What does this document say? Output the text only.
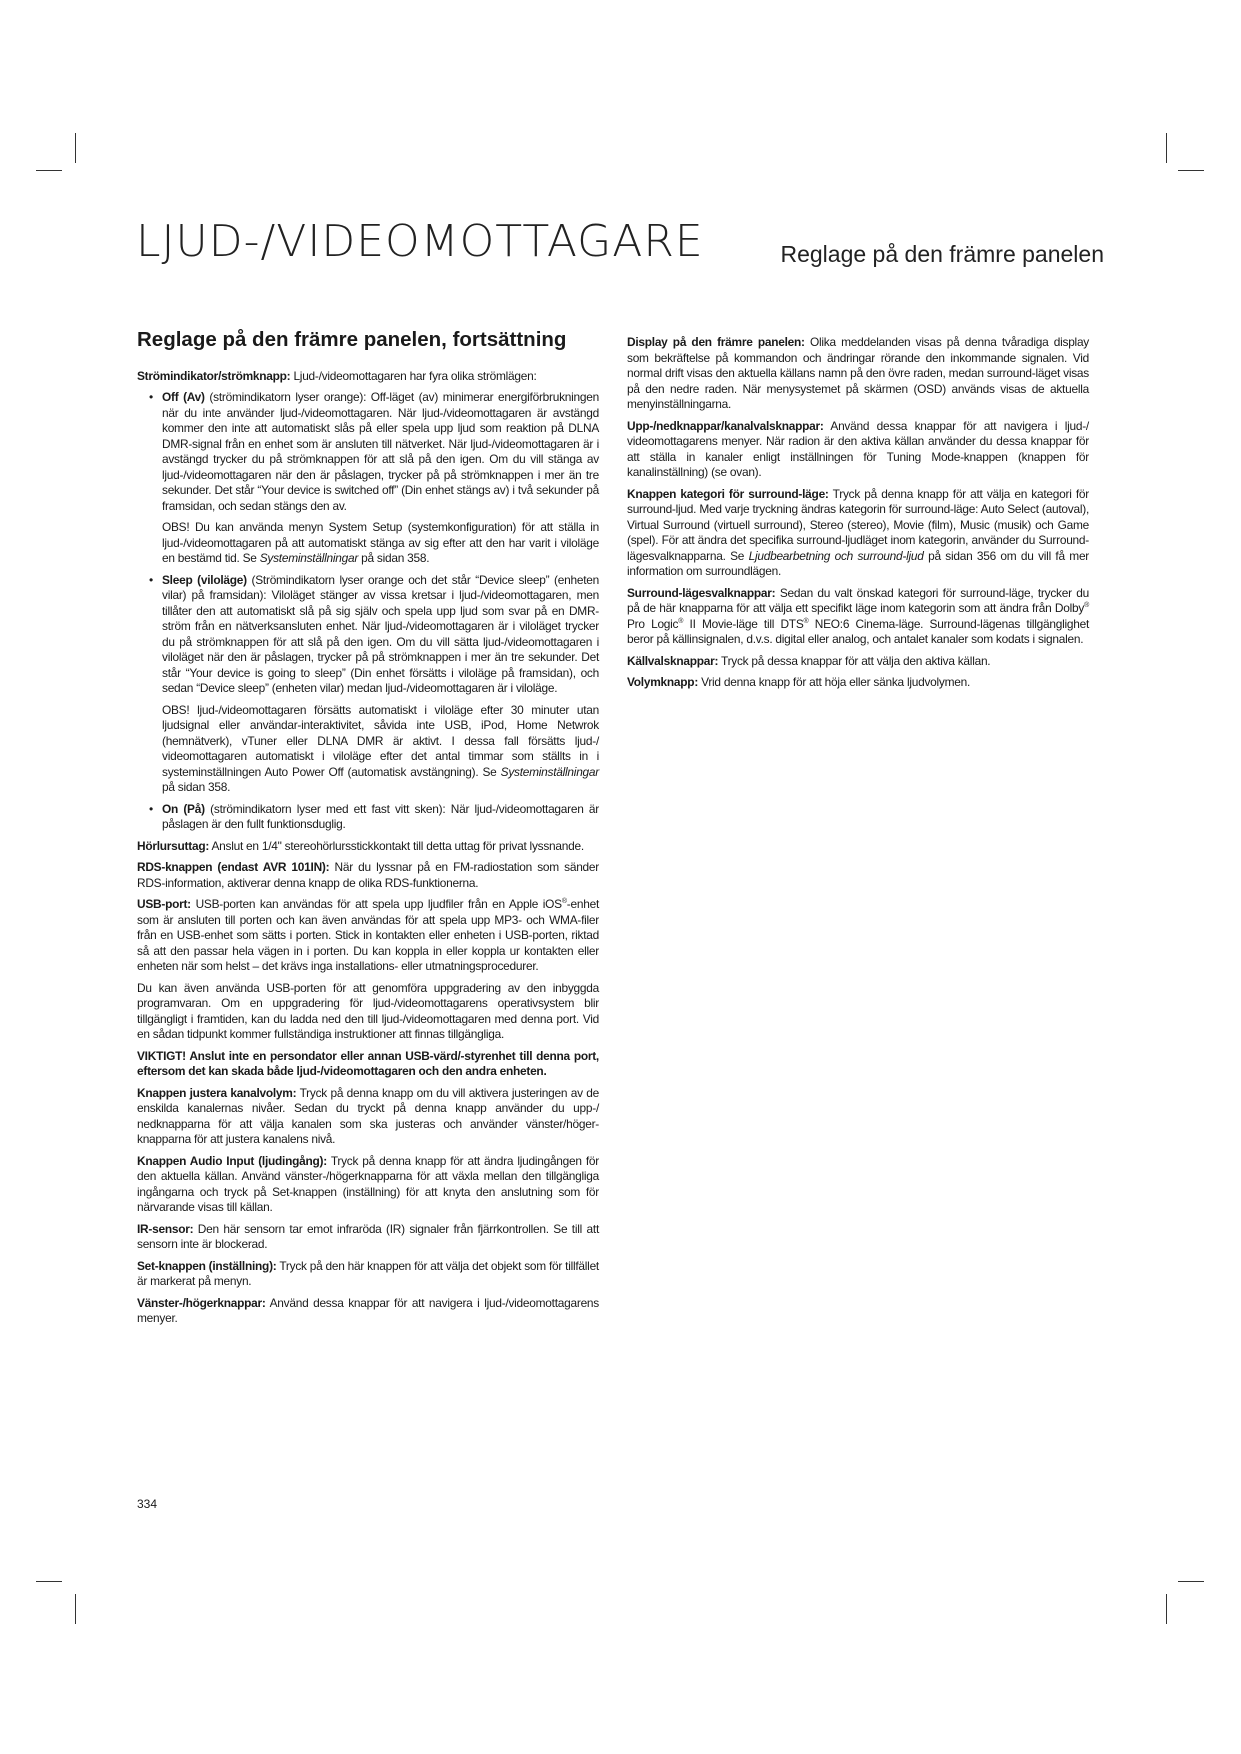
LJUD-/VIDEOMOTTAGARE	Reglage på den främre panelen
Reglage på den främre panelen, fortsättning

Strömindikator/strömknapp: Ljud-/videomottagaren har fyra olika strömlägen:

• Off (Av) (strömindikatorn lyser orange): Off-läget (av) minimerar energiförbrukningen när du inte använder ljud-/videomottagaren. När ljud-/videomottagaren är avstängd kommer den inte att automatiskt slås på eller spela upp ljud som reaktion på DLNA DMR-signal från en enhet som är ansluten till nätverket. När ljud-/videomottagaren är i avstängd trycker du på strömknappen för att slå på den igen. Om du vill stänga av ljud-/videomottagaren när den är påslagen, trycker på på strömknappen i mer än tre sekunder. Det står “Your device is switched off” (Din enhet stängs av) i två sekunder på framsidan, och sedan stängs den av.

OBS! Du kan använda menyn System Setup (systemkonfiguration) för att ställa in ljud-/videomottagaren på att automatiskt stänga av sig efter att den har varit i viloläge en bestämd tid. Se Systeminställningar på sidan 358.

• Sleep (viloläge) (Strömindikatorn lyser orange och det står “Device sleep” (enheten vilar) på framsidan): Viloläget stänger av vissa kretsar i ljud-/videomottagaren, men tillåter den att automatiskt slå på sig själv och spela upp ljud som svar på en DMR-ström från en nätverksansluten enhet. När ljud-/videomottagaren är i viloläget trycker du på strömknappen för att slå på den igen. Om du vill sätta ljud-/videomottagaren i viloläget när den är påslagen, trycker på på strömknappen i mer än tre sekunder. Det står “Your device is going to sleep” (Din enhet försätts i viloläge på framsidan), och sedan “Device sleep” (enheten vilar) medan ljud-/videomottagaren är i viloläge.

OBS! ljud-/videomottagaren försätts automatiskt i viloläge efter 30 minuter utan ljudsignal eller användar-interaktivitet, såvida inte USB, iPod, Home Netwrok (hemnätverk), vTuner eller DLNA DMR är aktivt. I dessa fall försätts ljud-/ videomottagaren automatiskt i viloläge efter det antal timmar som ställts in i systeminställningen Auto Power Off (automatisk avstängning). Se Systeminställningar på sidan 358.

• On (På) (strömindikatorn lyser med ett fast vitt sken): När ljud-/videomottagaren är påslagen är den fullt funktionsduglig.

Hörlursuttag: Anslut en 1/4" stereohörlursstickkontakt till detta uttag för privat lyssnande.

RDS-knappen (endast AVR 101IN): När du lyssnar på en FM-radiostation som sänder RDS-information, aktiverar denna knapp de olika RDS-funktionerna.

USB-port: USB-porten kan användas för att spela upp ljudfiler från en Apple iOS®-enhet som är ansluten till porten och kan även användas för att spela upp MP3- och WMA-filer från en USB-enhet som sätts i porten. Stick in kontakten eller enheten i USB-porten, riktad så att den passar hela vägen in i porten. Du kan koppla in eller koppla ur kontakten eller enheten när som helst – det krävs inga installations- eller utmatningsprocedurer.

Du kan även använda USB-porten för att genomföra uppgradering av den inbyggda programvaran. Om en uppgradering för ljud-/videomottagarens operativsystem blir tillgängligt i framtiden, kan du ladda ned den till ljud-/videomottagaren med denna port. Vid en sådan tidpunkt kommer fullständiga instruktioner att finnas tillgängliga.

VIKTIGT! Anslut inte en persondator eller annan USB-värd/-styrenhet till denna port, eftersom det kan skada både ljud-/videomottagaren och den andra enheten.

Knappen justera kanalvolym: Tryck på denna knapp om du vill aktivera justeringen av de enskilda kanalernas nivåer. Sedan du tryckt på denna knapp använder du upp-/ nedknapparna för att välja kanalen som ska justeras och använder vänster/höger-knapparna för att justera kanalens nivå.

Knappen Audio Input (ljudingång): Tryck på denna knapp för att ändra ljudingången för den aktuella källan. Använd vänster-/högerknapparna för att växla mellan den tillgängliga ingångarna och tryck på Set-knappen (inställning) för att knyta den anslutning som för närvarande visas till källan.

IR-sensor: Den här sensorn tar emot infraröda (IR) signaler från fjärrkontrollen. Se till att sensorn inte är blockerad.

Set-knappen (inställning): Tryck på den här knappen för att välja det objekt som för tillfället är markerat på menyn.

Vänster-/högerknappar: Använd dessa knappar för att navigera i ljud-/videomottagarens menyer.

Display på den främre panelen: Olika meddelanden visas på denna tvåradiga display som bekräftelse på kommandon och ändringar rörande den inkommande signalen. Vid normal drift visas den aktuella källans namn på den övre raden, medan surround-läget visas på den nedre raden. När menysystemet på skärmen (OSD) används visas de aktuella menyinställningarna.

Upp-/nedknappar/kanalvalsknappar: Använd dessa knappar för att navigera i ljud-/ videomottagarens menyer. När radion är den aktiva källan använder du dessa knappar för att ställa in kanaler enligt inställningen för Tuning Mode-knappen (knappen för kanalinställning) (se ovan).

Knappen kategori för surround-läge: Tryck på denna knapp för att välja en kategori för surround-ljud. Med varje tryckning ändras kategorin för surround-läge: Auto Select (autoval), Virtual Surround (virtuell surround), Stereo (stereo), Movie (film), Music (musik) och Game (spel). För att ändra det specifika surround-ljudläget inom kategorin, använder du Surround-lägesvalknapparna. Se Ljudbearbetning och surround-ljud på sidan 356 om du vill få mer information om surroundlägen.

Surround-lägesvalknappar: Sedan du valt önskad kategori för surround-läge, trycker du på de här knapparna för att välja ett specifikt läge inom kategorin som att ändra från Dolby® Pro Logic® II Movie-läge till DTS® NEO:6 Cinema-läge. Surround-lägenas tillgänglighet beror på källinsignalen, d.v.s. digital eller analog, och antalet kanaler som kodats i signalen.

Källvalsknappar: Tryck på dessa knappar för att välja den aktiva källan.

Volymknapp: Vrid denna knapp för att höja eller sänka ljudvolymen.

334
